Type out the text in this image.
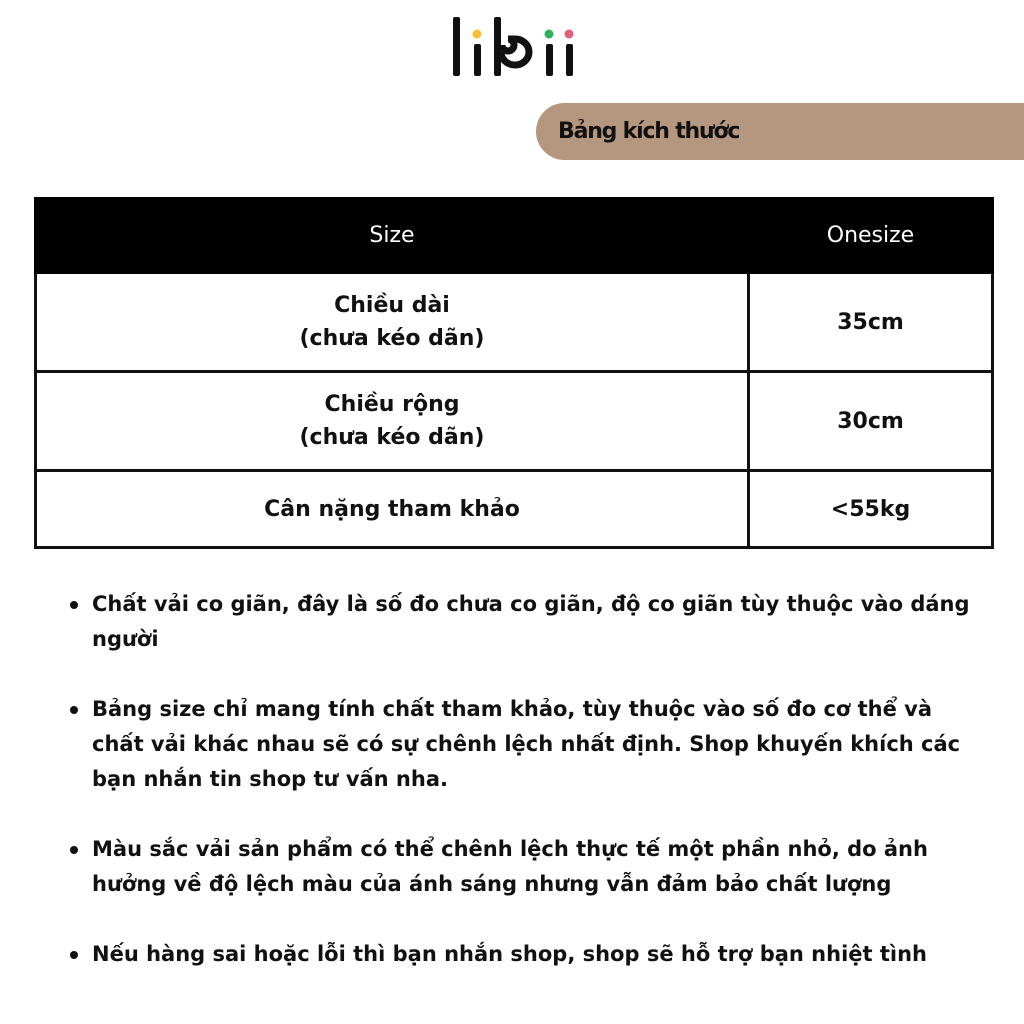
Bảng kích thước
Size	Onesize

Chiều dài
(chưa kéo dãn)	35cm

Chiều rộng
(chưa kéo dãn)	30cm
Cân nặng tham khảo	<55kg
Chất vải co giãn, đây là số đo chưa co giãn, độ co giãn tùy thuộc vào dáng người
Bảng size chỉ mang tính chất tham khảo, tùy thuộc vào số đo cơ thể và chất vải khác nhau sẽ có sự chênh lệch nhất định. Shop khuyến khích các bạn nhắn tin shop tư vấn nha.
Màu sắc vải sản phẩm có thể chênh lệch thực tế một phần nhỏ, do ảnh hưởng về độ lệch màu của ánh sáng nhưng vẫn đảm bảo chất lượng
Nếu hàng sai hoặc lỗi thì bạn nhắn shop, shop sẽ hỗ trợ bạn nhiệt tình
